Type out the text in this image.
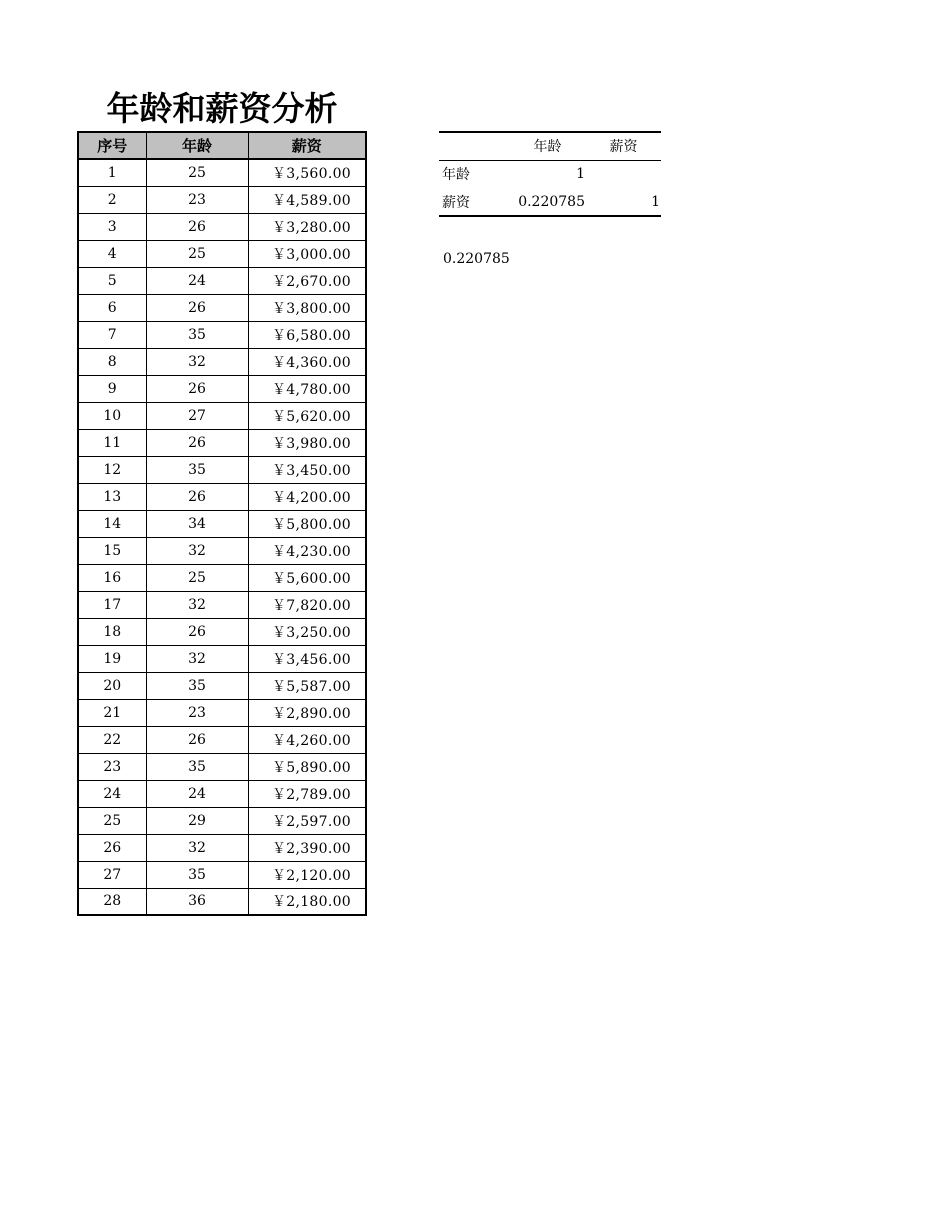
年龄和薪资分析
序号	年龄	薪资
1	25	￥3,560.00
2	23	￥4,589.00
3	26	￥3,280.00
4	25	￥3,000.00
5	24	￥2,670.00
6	26	￥3,800.00
7	35	￥6,580.00
8	32	￥4,360.00
9	26	￥4,780.00
10	27	￥5,620.00
11	26	￥3,980.00
12	35	￥3,450.00
13	26	￥4,200.00
14	34	￥5,800.00
15	32	￥4,230.00
16	25	￥5,600.00
17	32	￥7,820.00
18	26	￥3,250.00
19	32	￥3,456.00
20	35	￥5,587.00
21	23	￥2,890.00
22	26	￥4,260.00
23	35	￥5,890.00
24	24	￥2,789.00
25	29	￥2,597.00
26	32	￥2,390.00
27	35	￥2,120.00
28	36	￥2,180.00
	年龄	薪资
年龄	1	
薪资	0.220785	1
0.220785
